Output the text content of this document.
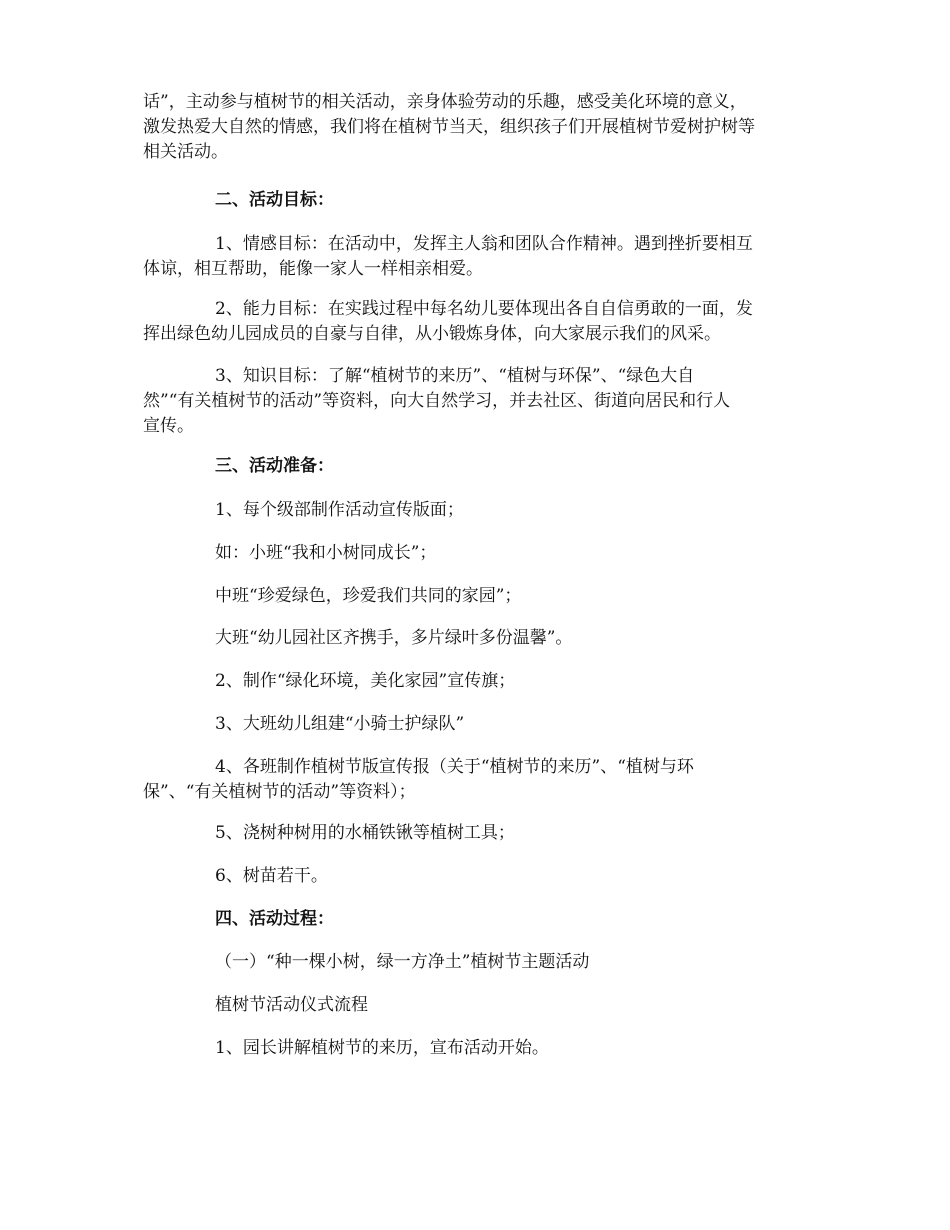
话”，主动参与植树节的相关活动，亲身体验劳动的乐趣，感受美化环境的意义，
激发热爱大自然的情感，我们将在植树节当天，组织孩子们开展植树节爱树护树等
相关活动。
二、活动目标：
1、情感目标：在活动中，发挥主人翁和团队合作精神。遇到挫折要相互
体谅，相互帮助，能像一家人一样相亲相爱。
2、能力目标：在实践过程中每名幼儿要体现出各自自信勇敢的一面，发
挥出绿色幼儿园成员的自豪与自律，从小锻炼身体，向大家展示我们的风采。
3、知识目标：了解“植树节的来历”、“植树与环保”、“绿色大自
然”“有关植树节的活动”等资料，向大自然学习，并去社区、街道向居民和行人
宣传。
三、活动准备：
1、每个级部制作活动宣传版面；
如：小班“我和小树同成长”；
中班“珍爱绿色，珍爱我们共同的家园”；
大班“幼儿园社区齐携手，多片绿叶多份温馨”。
2、制作“绿化环境，美化家园”宣传旗；
3、大班幼儿组建“小骑士护绿队”
4、各班制作植树节版宣传报（关于“植树节的来历”、“植树与环
保”、“有关植树节的活动”等资料）；
5、浇树种树用的水桶铁锹等植树工具；
6、树苗若干。
四、活动过程：
（一）“种一棵小树，绿一方净土”植树节主题活动
植树节活动仪式流程
1、园长讲解植树节的来历，宣布活动开始。
